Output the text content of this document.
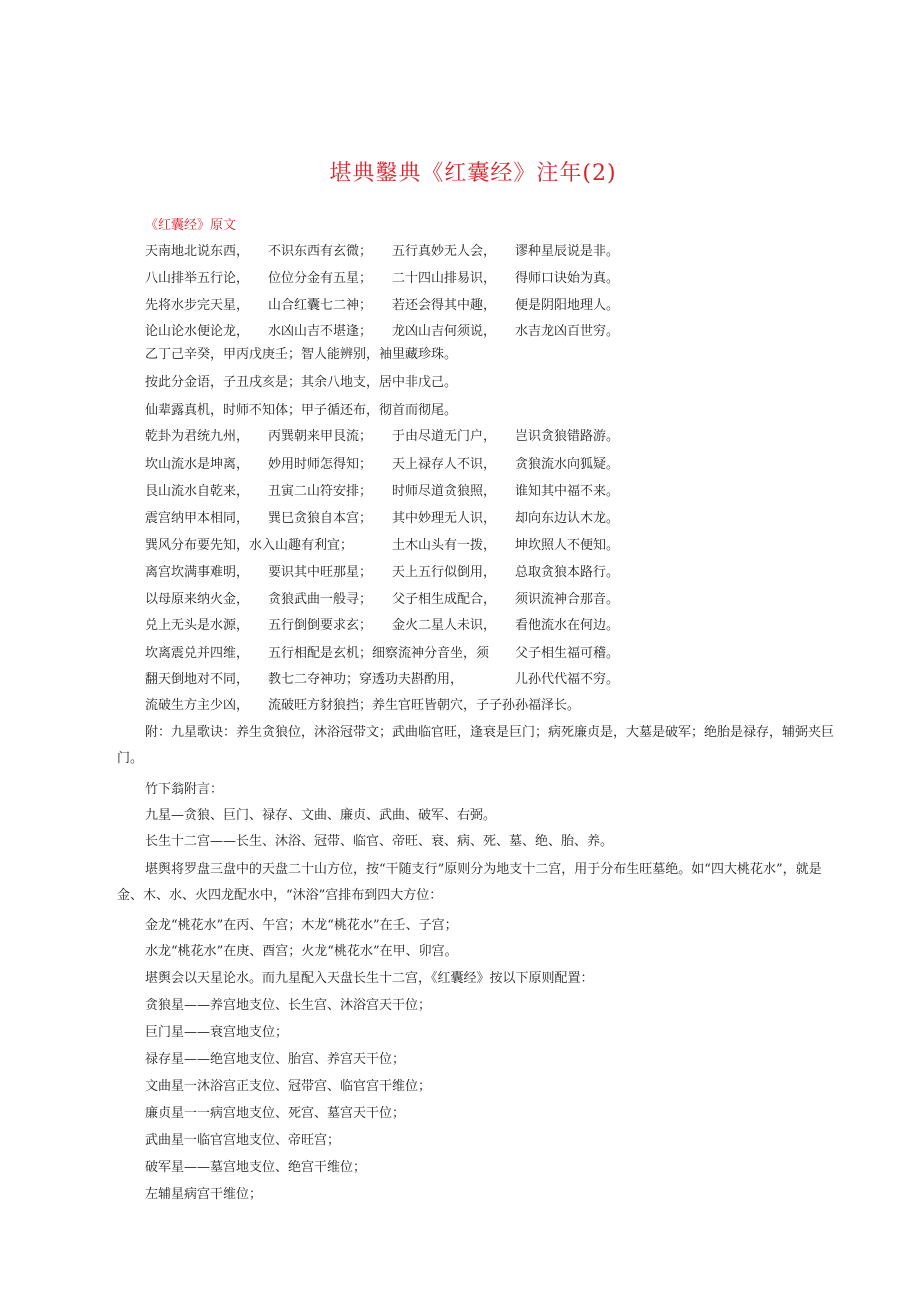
堪典鑿典《红囊经》注年(2)
《红囊经》原文
天南地北说东西， 不识东西有玄微； 五行真妙无人会， 谬种星辰说是非。
八山排举五行论， 位位分金有五星； 二十四山排易识， 得师口诀始为真。
先将水步完天星， 山合红囊七二神； 若还会得其中趣， 便是阴阳地理人。
论山论水便论龙， 水凶山吉不堪逢； 龙凶山吉何须说， 水吉龙凶百世穷。
乙丁己辛癸，甲丙戊庚壬；智人能辨别，袖里藏珍珠。
按此分金语，子丑戌亥是；其余八地支，居中非戊己。
仙辈露真机，时师不知体；甲子循还布，彻首而彻尾。
乾卦为君统九州， 丙巽朝来甲艮流； 于由尽道无门户， 岂识贪狼错路游。
坎山流水是坤离， 妙用时师怎得知； 天上禄存人不识， 贪狼流水向狐疑。
艮山流水自乾来， 丑寅二山符安排； 时师尽道贪狼照， 谁知其中福不来。
震宫纳甲本相同， 巽巳贪狼自本宫； 其中妙理无人识， 却向东边认木龙。
巽风分布要先知，水入山趣有利宜；	土木山头有一拨， 坤坎照人不便知。
离宫坎满事难明， 要识其中旺那星； 天上五行似倒用， 总取贪狼本路行。
以母原来纳火金， 贪狼武曲一般寻； 父子相生成配合， 须识流神合那音。
兑上无头是水源， 五行倒倒要求玄； 金火二星人未识， 看他流水在何边。
坎离震兑并四维， 五行相配是玄机；细察流神分音坐，须 父子相生福可稽。
翻天倒地对不同， 教七二夺神功；穿透功夫斟酌用，	儿孙代代福不穷。
流破生方主少凶， 流破旺方豺狼挡；养生官旺皆朝穴，子子孙孙福泽长。

附：九星歌诀：养生贪狼位，沐浴冠带文；武曲临官旺，逢衰是巨门；病死廉贞是，大墓是破军；绝胎是禄存，辅弼夹巨门。

竹下翁附言：

九星—贪狼、巨门、禄存、文曲、廉贞、武曲、破军、右弼。

长生十二宫——长生、沐浴、冠带、临官、帝旺、衰、病、死、墓、绝、胎、养。

堪舆将罗盘三盘中的天盘二十山方位，按“干随支行”原则分为地支十二宫，用于分布生旺墓绝。如“四大桃花水”，就是金、木、水、火四龙配水中，“沐浴”宫排布到四大方位：

金龙“桃花水”在丙、午宫；木龙“桃花水”在壬、子宫；

水龙“桃花水”在庚、酉宫；火龙“桃花水”在甲、卯宫。

堪舆会以天星论水。而九星配入天盘长生十二宫，《红囊经》按以下原则配置：

贪狼星——养宫地支位、长生宫、沐浴宫天干位；

巨门星——衰宫地支位；

禄存星——绝宫地支位、胎宫、养宫天干位；

文曲星一沐浴宫正支位、冠带宫、临官宫干维位；

廉贞星一一病宫地支位、死宫、墓宫天干位；

武曲星一临官宫地支位、帝旺宫；

破军星——墓宫地支位、绝宫干维位；

左辅星病宫干维位；
